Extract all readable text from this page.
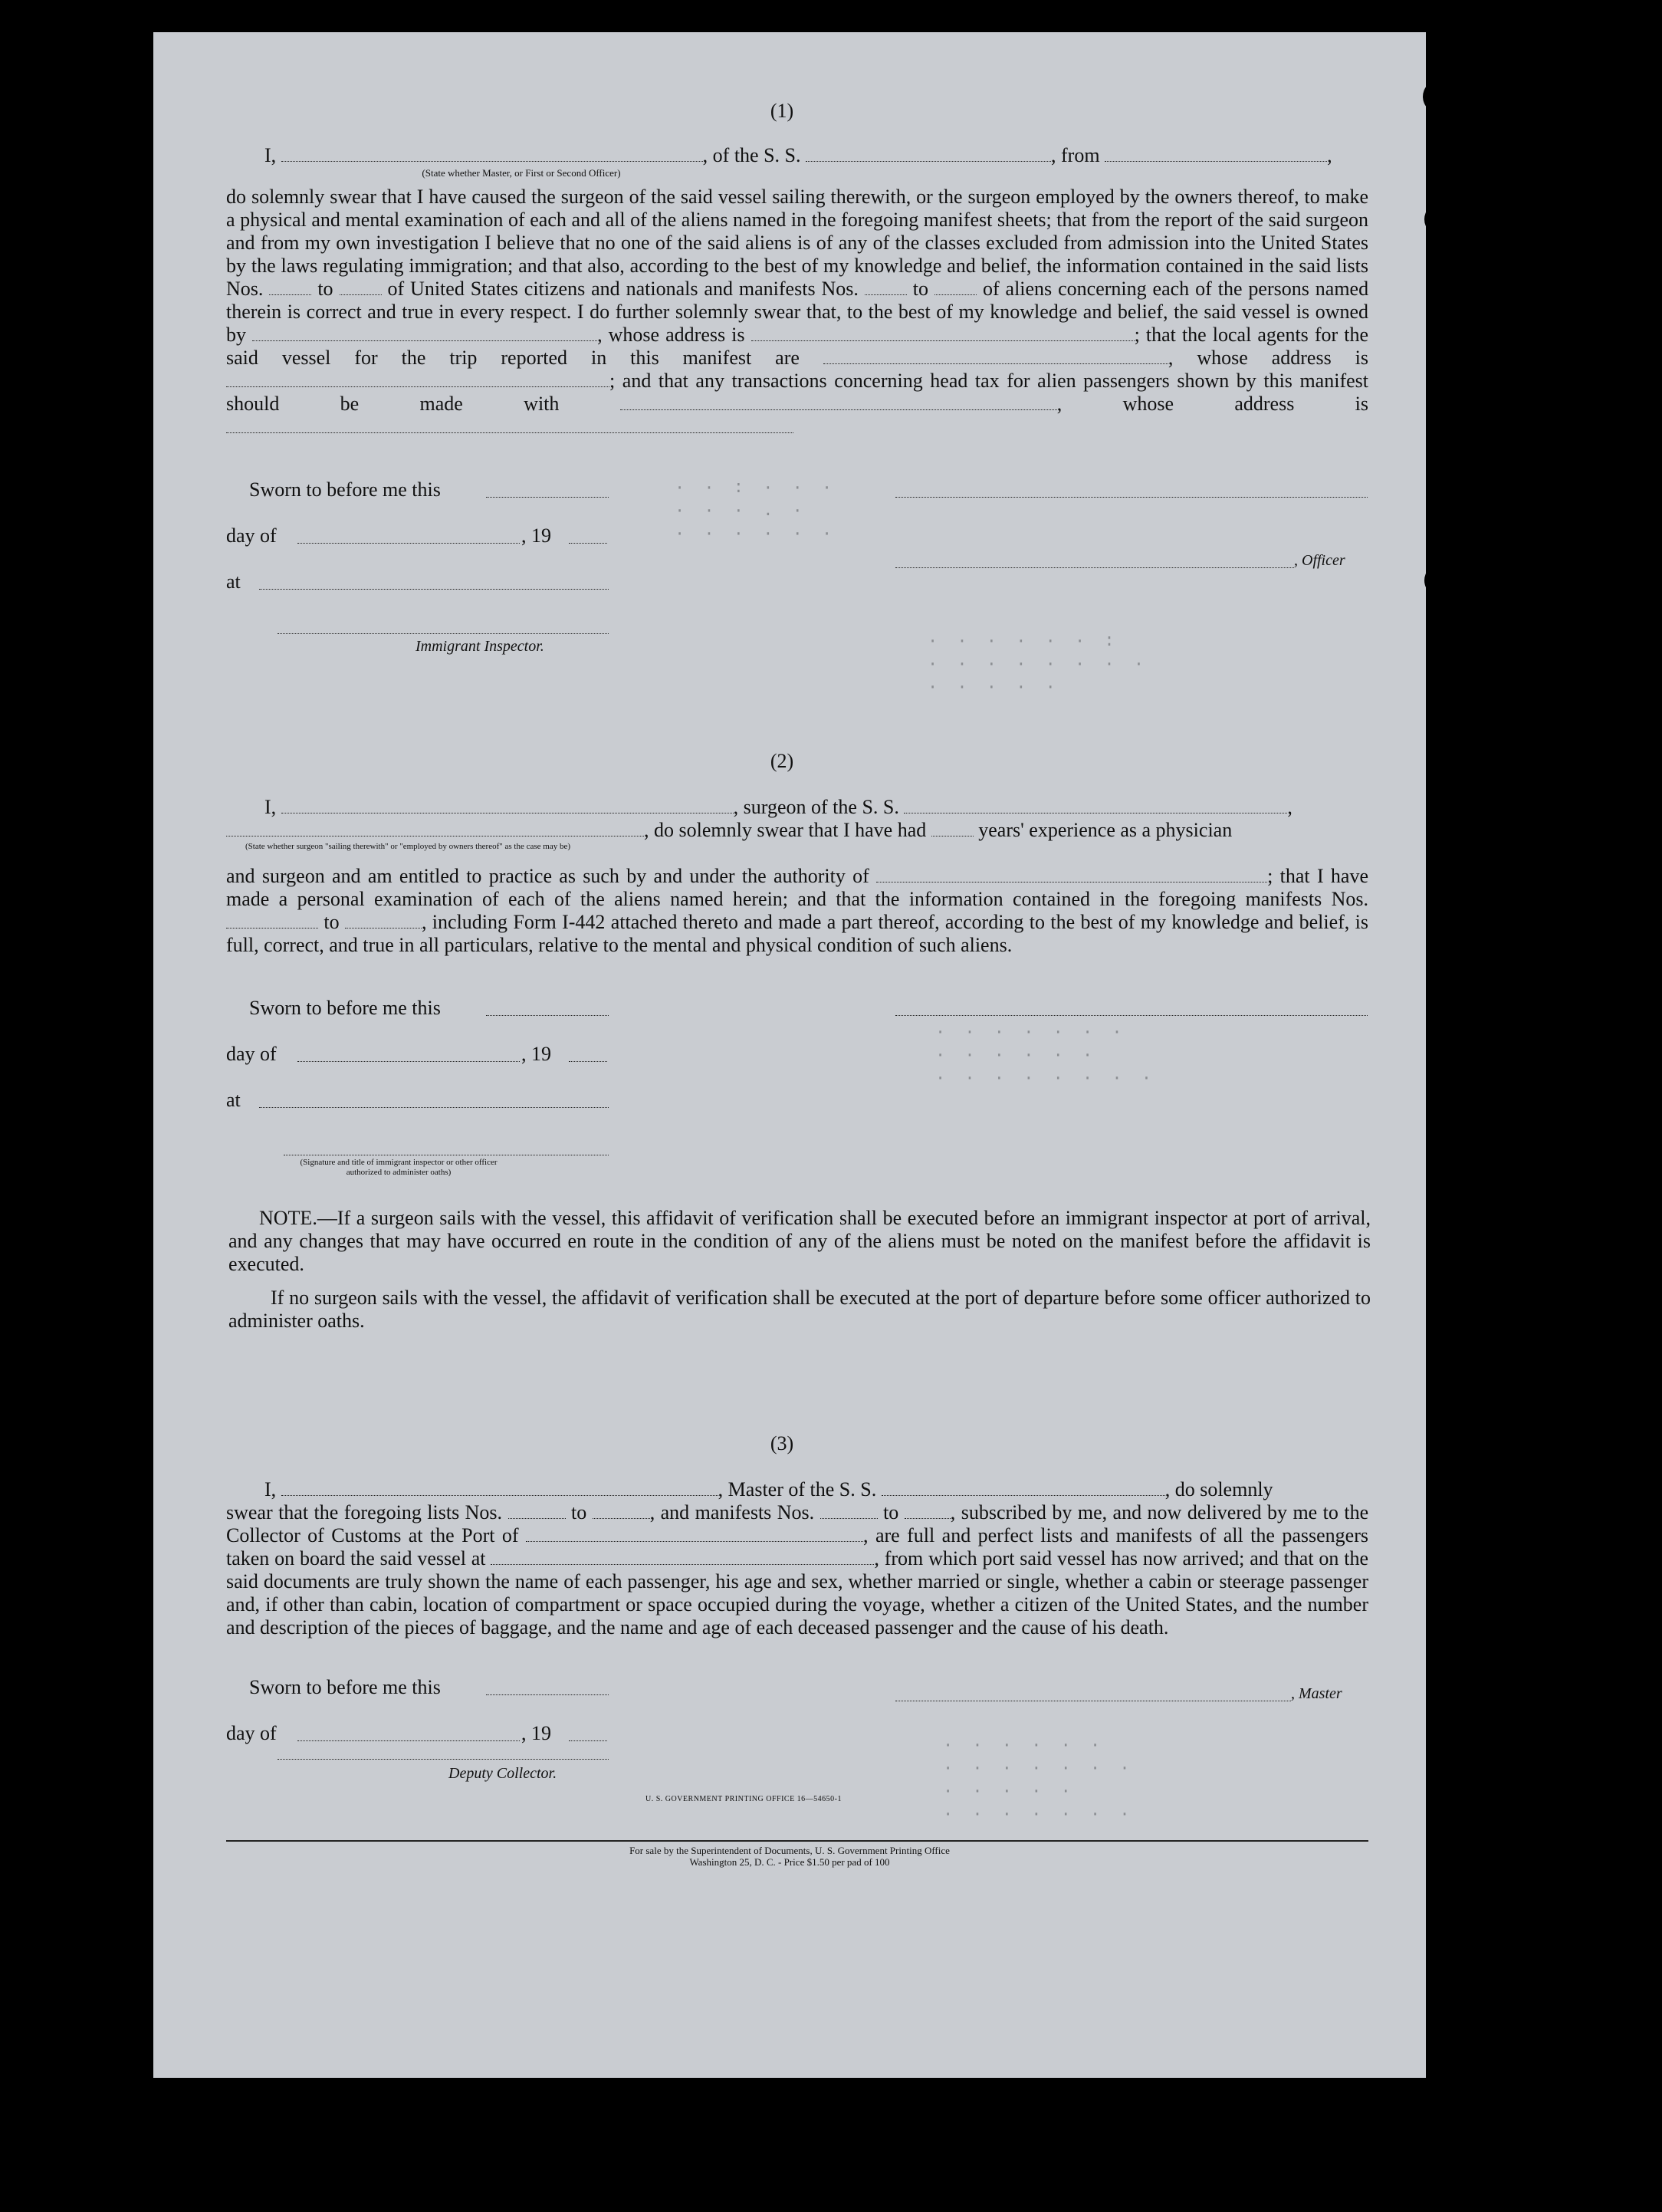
· · : · · ·
· · · . ·
· · · · · ·
· · · · · · :
· · · · · · · ·
· · · · ·
· · · · · · ·
· · · · · ·
· · · · · · · ·
· · · · · ·
· · · · · · ·
· · · · ·
· · · · · · ·
(1)
I,	, of the S. S.	, from	,
(State whether Master, or First or Second Officer)
do solemnly swear that I have caused the surgeon of the said vessel sailing therewith, or the surgeon employed by the owners thereof, to make a physical and mental examination of each and all of the aliens named in the foregoing manifest sheets; that from the report of the said surgeon and from my own investigation I believe that no one of the said aliens is of any of the classes excluded from admission into the United States by the laws regulating immigration; and that also, according to the best of my knowledge and belief, the information contained in the said lists Nos.	to	of United States citizens and nationals and manifests Nos.	to	of aliens concerning each of the persons named therein is correct and true in every respect. I do further solemnly swear that, to the best of my knowledge and belief, the said vessel is owned by	, whose address is	; that the local agents for the said vessel for the trip reported in this manifest are	, whose address is ; and that any transactions concerning head tax for alien passengers shown by this manifest should be made with	, whose address is
Sworn to before me this
day of	, 19
at
, Officer
Immigrant Inspector.
(2)
I,	, surgeon of the S. S.	,
, do solemnly swear that I have had	years' experience as a physician
(State whether surgeon "sailing therewith" or "employed by owners thereof" as the case may be)
and surgeon and am entitled to practice as such by and under the authority of	; that I have made a personal examination of each of the aliens named herein; and that the information contained in the foregoing manifests Nos.  to	, including Form I-442 attached thereto and made a part thereof, according to the best of my knowledge and belief, is full, correct, and true in all particulars, relative to the mental and physical condition of such aliens.
Sworn to before me this
day of	, 19
at
(Signature and title of immigrant inspector or other officer authorized to administer oaths)
NOTE.—If a surgeon sails with the vessel, this affidavit of verification shall be executed before an immigrant inspector at port of arrival, and any changes that may have occurred en route in the condition of any of the aliens must be noted on the manifest before the affidavit is executed.
If no surgeon sails with the vessel, the affidavit of verification shall be executed at the port of departure before some officer authorized to administer oaths.
(3)
I,	, Master of the S. S.	, do solemnly
swear that the foregoing lists Nos.	to	, and manifests Nos.	to	, subscribed by me, and now delivered by me to the Collector of Customs at the Port of	, are full and perfect lists and manifests of all the passengers taken on board the said vessel at	, from which port said vessel has now arrived; and that on the said documents are truly shown the name of each passenger, his age and sex, whether married or single, whether a cabin or steerage passenger and, if other than cabin, location of compartment or space occupied during the voyage, whether a citizen of the United States, and the number and description of the pieces of baggage, and the name and age of each deceased passenger and the cause of his death.
Sworn to before me this	, Master
day of	, 19
Deputy Collector.
U. S. GOVERNMENT PRINTING OFFICE 16—54650-1
For sale by the Superintendent of Documents, U. S. Government Printing Office
Washington 25, D. C. - Price $1.50 per pad of 100
